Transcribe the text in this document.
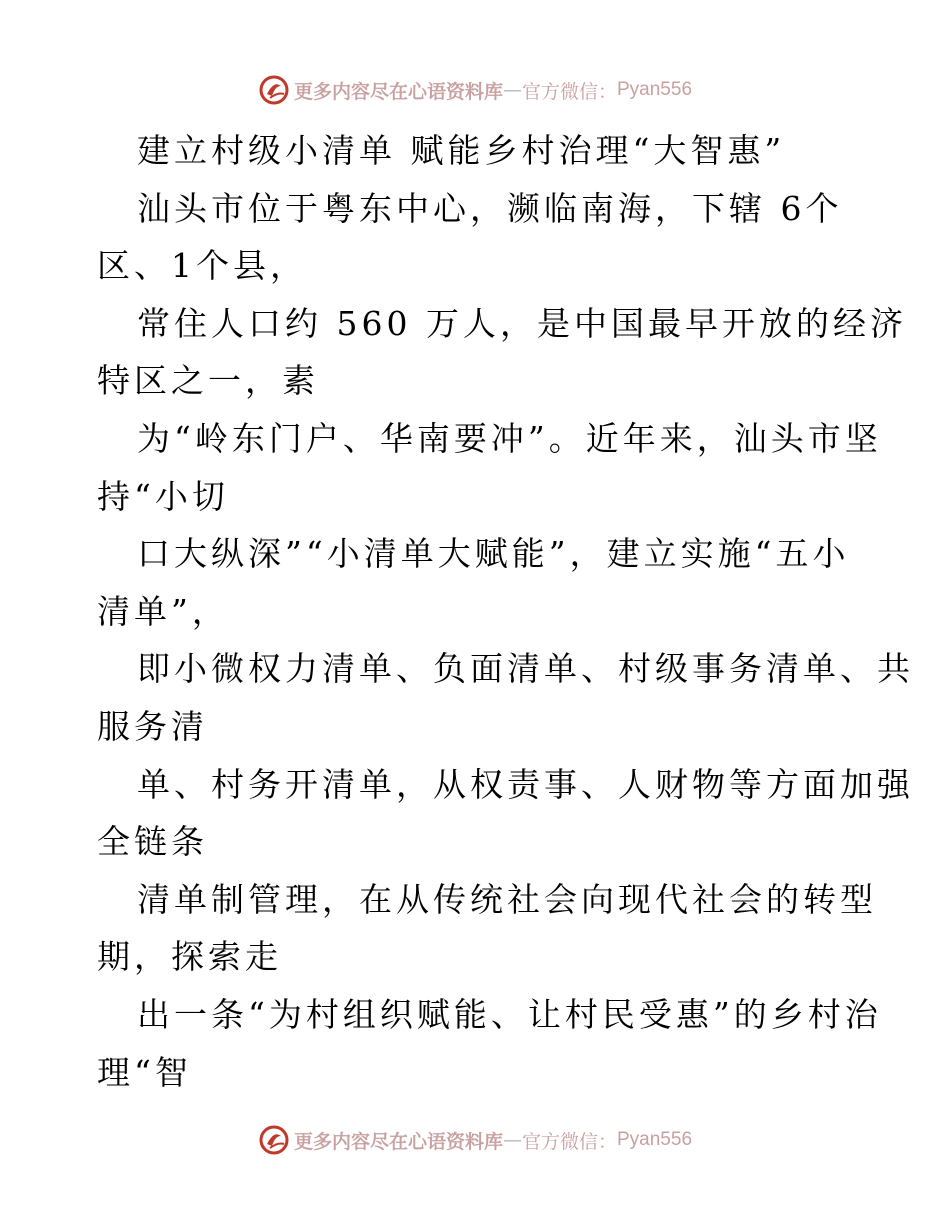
更多内容尽在心语资料库 — 官方微信： Pyan556
建立村级小清单 赋能乡村治理“大智惠”
汕头市位于粤东中心，濒临南海，下辖 6个
区、1个县，
常住人口约 560 万人，是中国最早开放的经济
特区之一，素
为“岭东门户、华南要冲”。近年来，汕头市坚
持“小切
口大纵深”“小清单大赋能”，建立实施“五小
清单”，
即小微权力清单、负面清单、村级事务清单、共
服务清
单、村务开清单，从权责事、人财物等方面加强
全链条
清单制管理，在从传统社会向现代社会的转型
期，探索走
出一条“为村组织赋能、让村民受惠”的乡村治
理“智
更多内容尽在心语资料库 — 官方微信： Pyan556
